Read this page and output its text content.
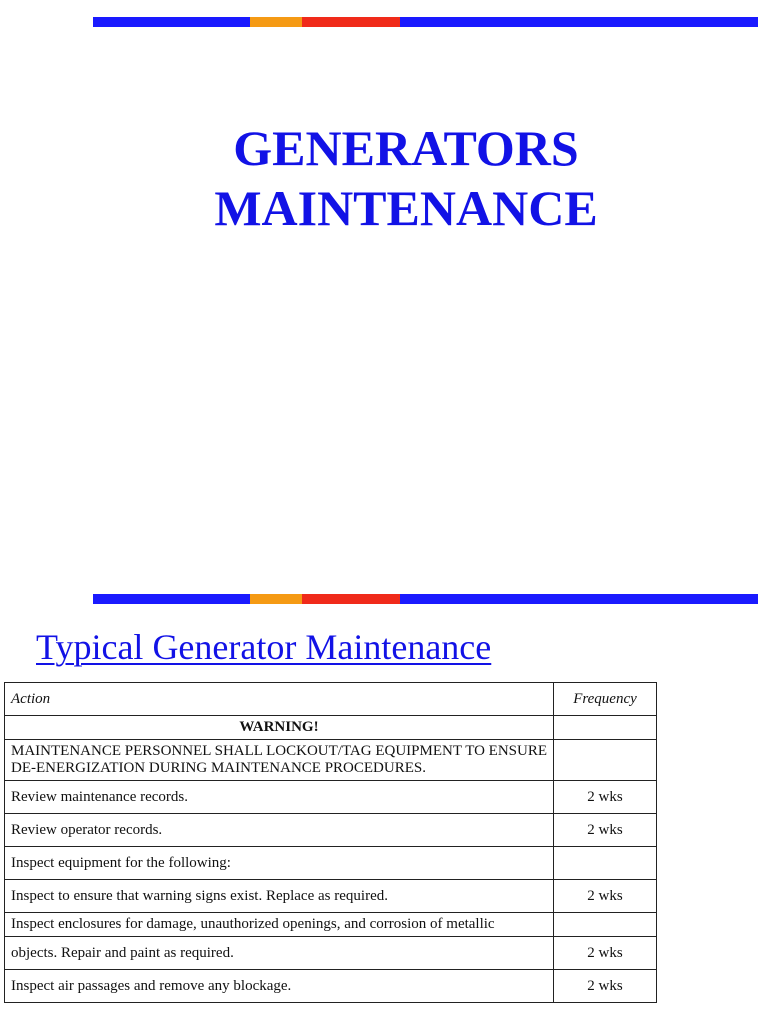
GENERATORS
MAINTENANCE
Typical Generator Maintenance
Action	Frequency
WARNING!	
MAINTENANCE PERSONNEL SHALL LOCKOUT/TAG EQUIPMENT TO ENSURE DE-ENERGIZATION DURING MAINTENANCE PROCEDURES.	
Review maintenance records.	2 wks
Review operator records.	2 wks
Inspect equipment for the following:	
Inspect to ensure that warning signs exist. Replace as required.	2 wks
Inspect enclosures for damage, unauthorized openings, and corrosion of metallic	
objects. Repair and paint as required.	2 wks
Inspect air passages and remove any blockage.	2 wks
